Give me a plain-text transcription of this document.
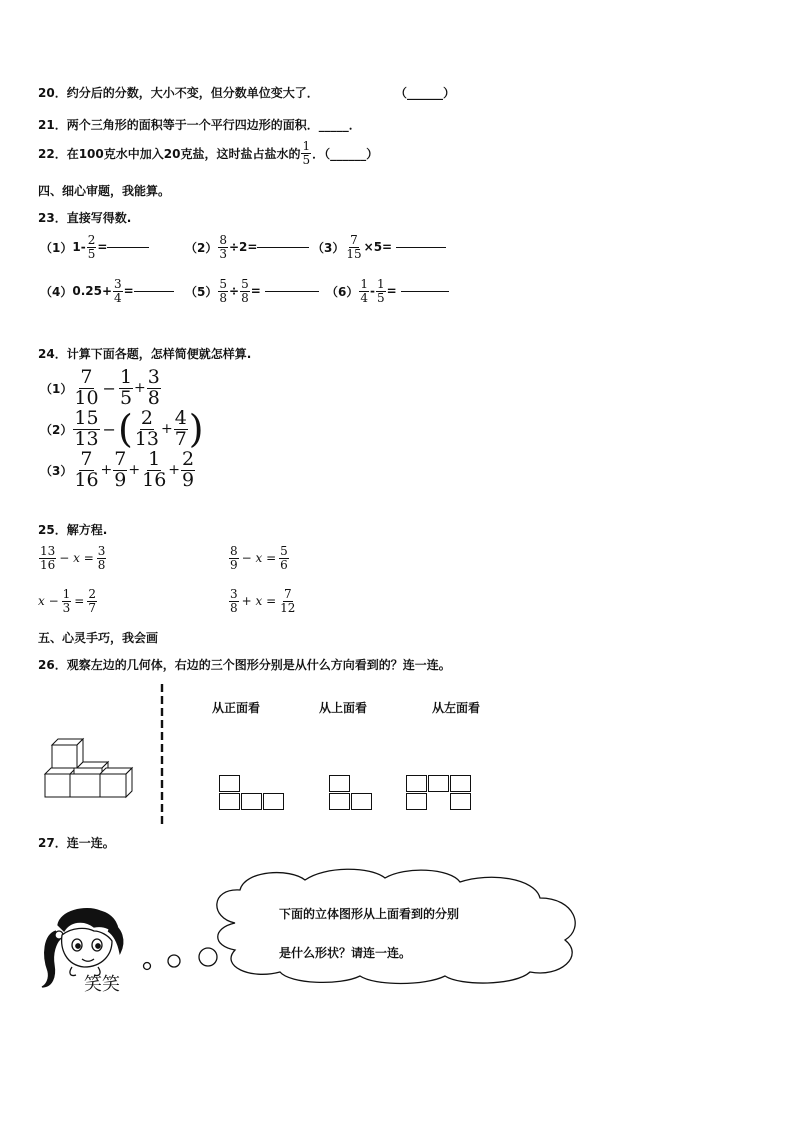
20．约分后的分数，大小不变，但分数单位变大了．	（______）
21．两个三角形的面积等于一个平行四边形的面积．_____．
22． 在100克水中加入20克盐，这时盐占盐水的 $\frac{1}{5}$ ．（______）
四、细心审题，我能算。
23．直接写得数.
（1） $1- \frac{2}{5}$ =	$(2) \frac{8}{3} \div 2=$	$(3) \frac{7}{15} \times 5=$
（4） $0.25+ \frac{3}{4}$ =	$(5) \frac{5}{8} \div \frac{5}{8}$ =	$(6) \frac{1}{4} - \frac{1}{5}$ =
24．计算下面各题，怎样简便就怎样算.
$(1) \frac{7}{10} - \frac{1}{5} + \frac{3}{8}$
$(2) \frac{15}{13}$ − ( $\frac{2}{13} + \frac{4}{7}$ )
$(3) \frac{7}{16} + \frac{7}{9} + \frac{1}{16} + \frac{2}{9}$
25．解方程.
$\frac{13}{16} - x = \frac{3}{8}$	$\frac{8}{9} - x = \frac{5}{6}$
$x - \frac{1}{3} = \frac{2}{7}$	$\frac{3}{8} + x = \frac{7}{12}$
五、心灵手巧，我会画
26．观察左边的几何体，右边的三个图形分别是从什么方向看到的？连一连。
从正面看	从上面看	从左面看
27．连一连。
下面的立体图形从上面看到的分别
是什么形状？请连一连。
笑笑
